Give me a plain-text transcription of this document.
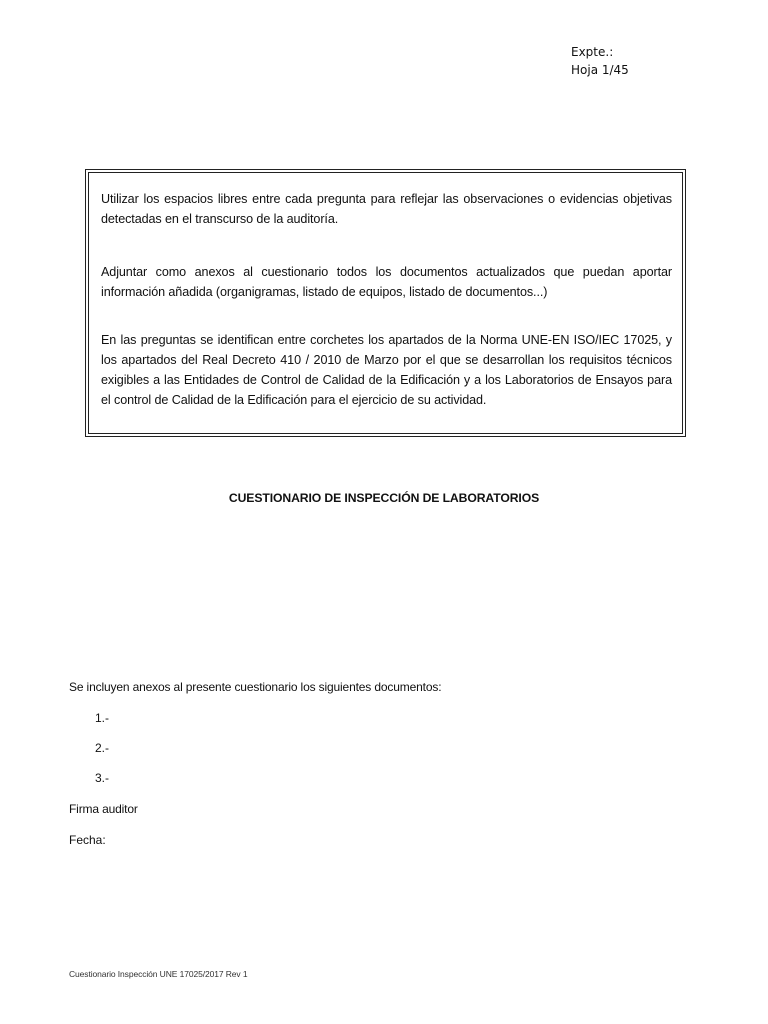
Expte.:
Hoja 1/45

Utilizar los espacios libres entre cada pregunta para reflejar las observaciones o evidencias objetivas detectadas en el transcurso de la auditoría.

Adjuntar como anexos al cuestionario todos los documentos actualizados que puedan aportar información añadida (organigramas, listado de equipos, listado de documentos...)

En las preguntas se identifican entre corchetes los apartados de la Norma UNE-EN ISO/IEC 17025, y los apartados del Real Decreto 410 / 2010 de Marzo por el que se desarrollan los requisitos técnicos exigibles a las Entidades de Control de Calidad de la Edificación y a los Laboratorios de Ensayos para el control de Calidad de la Edificación para el ejercicio de su actividad.

CUESTIONARIO DE INSPECCIÓN DE LABORATORIOS
Se incluyen anexos al presente cuestionario los siguientes documentos:
1.-
2.-
3.-
Firma auditor
Fecha:
Cuestionario Inspección UNE 17025/2017 Rev 1
